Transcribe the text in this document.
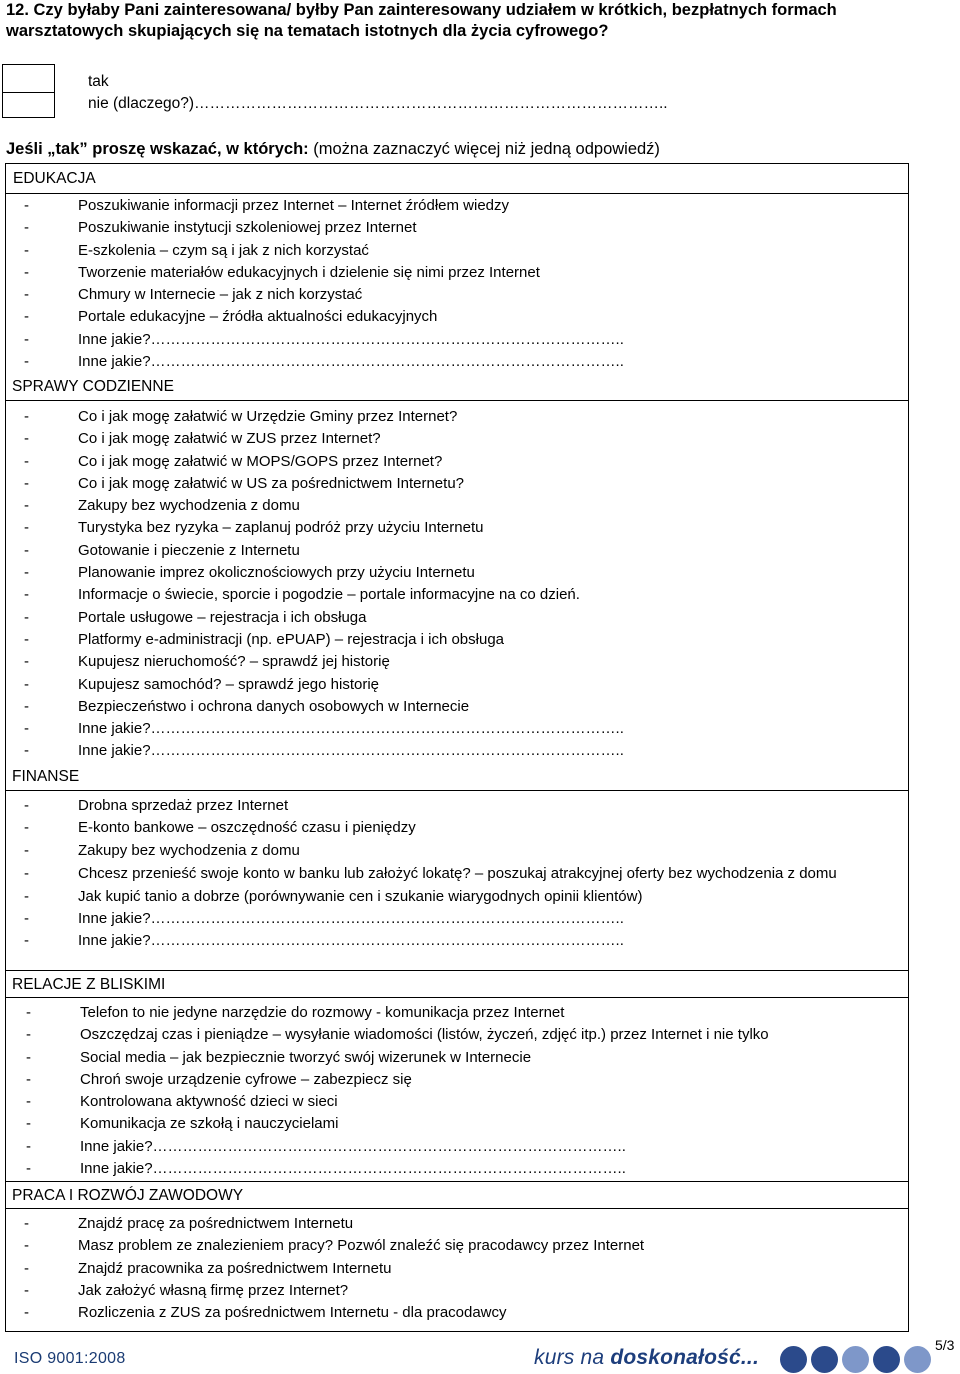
12. Czy byłaby Pani zainteresowana/ byłby Pan zainteresowany udziałem w krótkich, bezpłatnych formach warsztatowych skupiających się na tematach istotnych dla życia cyfrowego?
tak
nie (dlaczego?)………………………………………………………………………………..
Jeśli „tak” proszę wskazać, w których: (można zaznaczyć więcej niż jedną odpowiedź)
EDUKACJA
-	Poszukiwanie informacji przez Internet – Internet źródłem wiedzy
-	Poszukiwanie instytucji szkoleniowej przez Internet
-	E-szkolenia – czym są i jak z nich korzystać
-	Tworzenie materiałów edukacyjnych i dzielenie się nimi przez Internet
-	Chmury w Internecie – jak z nich korzystać
-	Portale edukacyjne – źródła aktualności edukacyjnych
-	Inne jakie?…………………………………………………………………………………..
-	Inne jakie?…………………………………………………………………………………..
SPRAWY CODZIENNE
-	Co i jak mogę załatwić w Urzędzie Gminy przez Internet?
-	Co i jak mogę załatwić w ZUS przez Internet?
-	Co i jak mogę załatwić w MOPS/GOPS przez Internet?
-	Co i jak mogę załatwić w US za pośrednictwem Internetu?
-	Zakupy bez wychodzenia z domu
-	Turystyka bez ryzyka – zaplanuj podróż przy użyciu Internetu
-	Gotowanie i pieczenie z Internetu
-	Planowanie imprez okolicznościowych przy użyciu Internetu
-	Informacje o świecie, sporcie i pogodzie – portale informacyjne na co dzień.
-	Portale usługowe – rejestracja i ich obsługa
-	Platformy e-administracji (np. ePUAP) – rejestracja i ich obsługa
-	Kupujesz nieruchomość? – sprawdź jej historię
-	Kupujesz samochód? – sprawdź jego historię
-	Bezpieczeństwo i ochrona danych osobowych w Internecie
-	Inne jakie?…………………………………………………………………………………..
-	Inne jakie?…………………………………………………………………………………..
FINANSE
-	Drobna sprzedaż przez Internet
-	E-konto bankowe – oszczędność czasu i pieniędzy
-	Zakupy bez wychodzenia z domu
-	Chcesz przenieść swoje konto w banku lub założyć lokatę? – poszukaj atrakcyjnej oferty bez wychodzenia z domu
-	Jak kupić tanio a dobrze (porównywanie cen i szukanie wiarygodnych opinii klientów)
-	Inne jakie?…………………………………………………………………………………..
-	Inne jakie?…………………………………………………………………………………..
RELACJE Z BLISKIMI
-	Telefon to nie jedyne narzędzie do rozmowy - komunikacja przez Internet
-	Oszczędzaj czas i pieniądze – wysyłanie wiadomości (listów, życzeń, zdjęć itp.) przez Internet i nie tylko
-	Social media – jak bezpiecznie tworzyć swój wizerunek w Internecie
-	Chroń swoje urządzenie cyfrowe – zabezpiecz się
-	Kontrolowana aktywność dzieci w sieci
-	Komunikacja ze szkołą i nauczycielami
-	Inne jakie?…………………………………………………………………………………..
-	Inne jakie?…………………………………………………………………………………..
PRACA I ROZWÓJ ZAWODOWY
-	Znajdź pracę za pośrednictwem Internetu
-	Masz problem ze znalezieniem pracy? Pozwól znaleźć się pracodawcy przez Internet
-	Znajdź pracownika za pośrednictwem Internetu
-	Jak założyć własną firmę przez Internet?
-	Rozliczenia z ZUS za pośrednictwem Internetu - dla pracodawcy
ISO 9001:2008	kurs na doskonałość...
5/3
